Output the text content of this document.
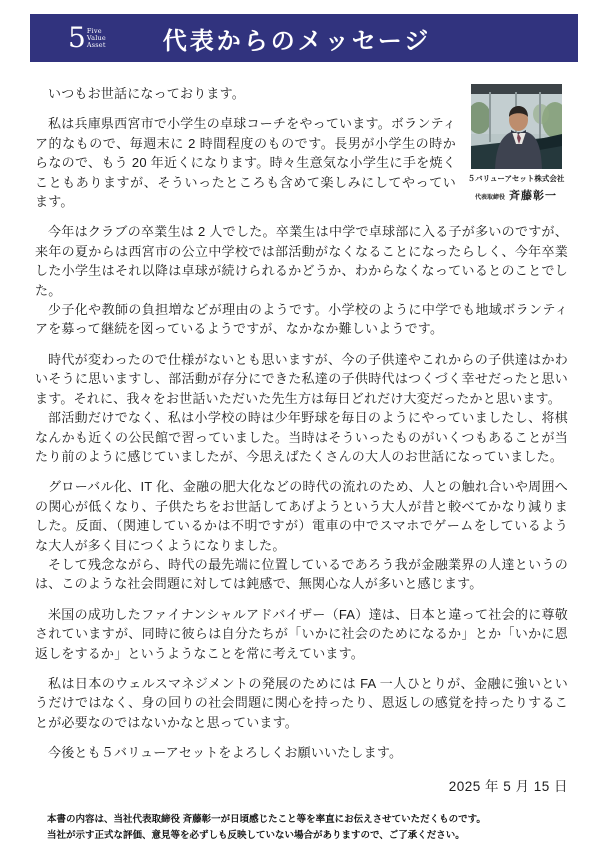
5 Five
Value
Asset 代表からのメッセージ
５バリューアセット株式会社
代表取締役 斉藤彰一

いつもお世話になっております。

私は兵庫県西宮市で小学生の卓球コーチをやっています。ボランティア的なもので、毎週末に 2 時間程度のものです。長男が小学生の時からなので、もう 20 年近くになります。時々生意気な小学生に手を焼くこともありますが、そういったところも含めて楽しみにしてやっています。

今年はクラブの卒業生は 2 人でした。卒業生は中学で卓球部に入る子が多いのですが、来年の夏からは西宮市の公立中学校では部活動がなくなることになったらしく、今年卒業した小学生はそれ以降は卓球が続けられるかどうか、わからなくなっているとのことでした。

少子化や教師の負担増などが理由のようです。小学校のように中学でも地域ボランティアを募って継続を図っているようですが、なかなか難しいようです。

時代が変わったので仕様がないとも思いますが、今の子供達やこれからの子供達はかわいそうに思いますし、部活動が存分にできた私達の子供時代はつくづく幸せだったと思います。それに、我々をお世話いただいた先生方は毎日どれだけ大変だったかと思います。

部活動だけでなく、私は小学校の時は少年野球を毎日のようにやっていましたし、将棋なんかも近くの公民館で習っていました。当時はそういったものがいくつもあることが当たり前のように感じていましたが、今思えばたくさんの大人のお世話になっていました。

グローバル化、IT 化、金融の肥大化などの時代の流れのため、人との触れ合いや周囲への関心が低くなり、子供たちをお世話してあげようという大人が昔と較べてかなり減りました。反面、（関連しているかは不明ですが）電車の中でスマホでゲームをしているような大人が多く目につくようになりました。

そして残念ながら、時代の最先端に位置しているであろう我が金融業界の人達というのは、このような社会問題に対しては鈍感で、無関心な人が多いと感じます。

米国の成功したファイナンシャルアドバイザー（FA）達は、日本と違って社会的に尊敬されていますが、同時に彼らは自分たちが「いかに社会のためになるか」とか「いかに恩返しをするか」というようなことを常に考えています。

私は日本のウェルスマネジメントの発展のためには FA 一人ひとりが、金融に強いというだけではなく、身の回りの社会問題に関心を持ったり、恩返しの感覚を持ったりすることが必要なのではないかなと思っています。

今後とも５バリューアセットをよろしくお願いいたします。

2025 年 5 月 15 日
本書の内容は、当社代表取締役 斉藤彰一が日頃感じたこと等を率直にお伝えさせていただくものです。
当社が示す正式な評価、意見等を必ずしも反映していない場合がありますので、ご了承ください。
